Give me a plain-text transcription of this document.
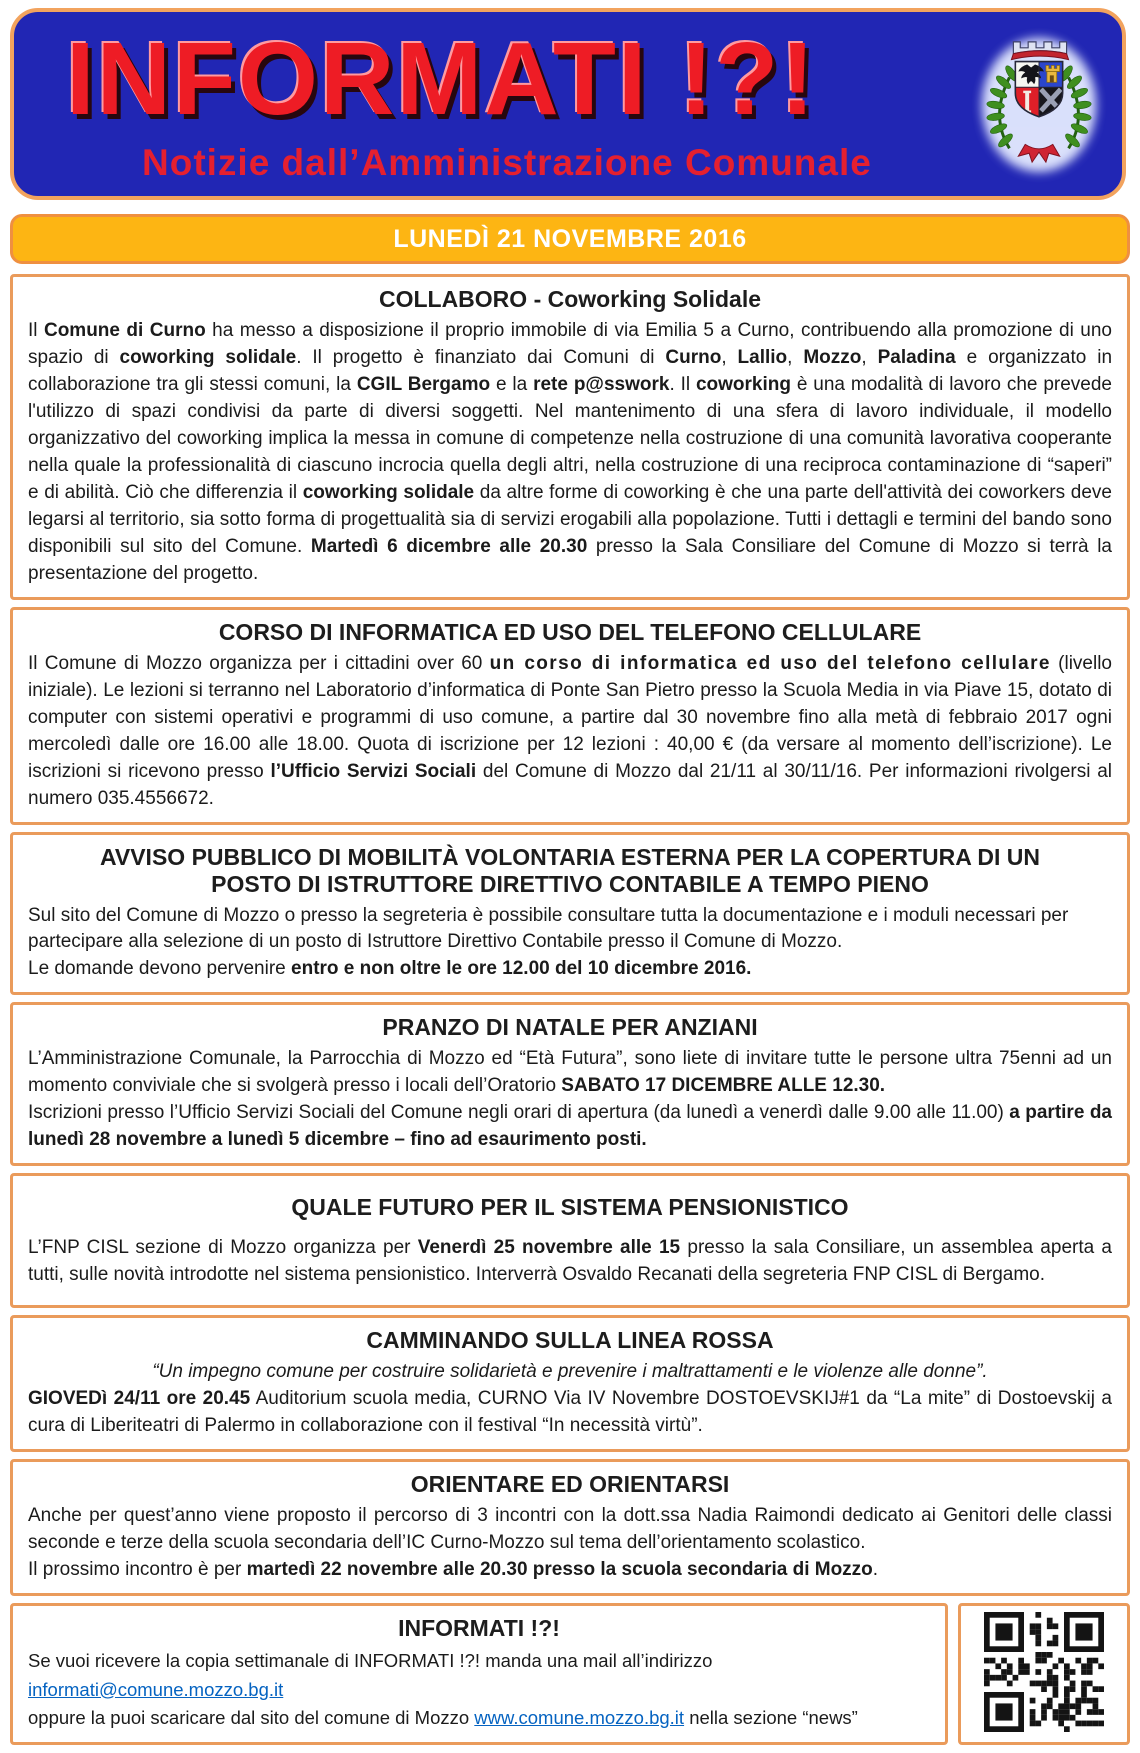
INFORMATI !?!
Notizie dall’Amministrazione Comunale
LUNEDÌ 21 NOVEMBRE 2016
COLLABORO - Coworking Solidale

Il Comune di Curno ha messo a disposizione il proprio immobile di via Emilia 5 a Curno, contribuendo alla promozione di uno spazio di coworking solidale. Il progetto è finanziato dai Comuni di Curno, Lallio, Mozzo, Paladina e organizzato in collaborazione tra gli stessi comuni, la CGIL Bergamo e la rete p@sswork. Il coworking è una modalità di lavoro che prevede l'utilizzo di spazi condivisi da parte di diversi soggetti. Nel mantenimento di una sfera di lavoro individuale, il modello organizzativo del coworking implica la messa in comune di competenze nella costruzione di una comunità lavorativa cooperante nella quale la professionalità di ciascuno incrocia quella degli altri, nella costruzione di una reciproca contaminazione di “saperi” e di abilità. Ciò che differenzia il coworking solidale da altre forme di coworking è che una parte dell'attività dei coworkers deve legarsi al territorio, sia sotto forma di progettualità sia di servizi erogabili alla popolazione. Tutti i dettagli e termini del bando sono disponibili sul sito del Comune. Martedì 6 dicembre alle 20.30 presso la Sala Consiliare del Comune di Mozzo si terrà la presentazione del progetto.

CORSO DI INFORMATICA ED USO DEL TELEFONO CELLULARE

Il Comune di Mozzo organizza per i cittadini over 60 un corso di informatica ed uso del telefono cellulare (livello iniziale). Le lezioni si terranno nel Laboratorio d’informatica di Ponte San Pietro presso la Scuola Media in via Piave 15, dotato di computer con sistemi operativi e programmi di uso comune, a partire dal 30 novembre fino alla metà di febbraio 2017 ogni mercoledì dalle ore 16.00 alle 18.00. Quota di iscrizione per 12 lezioni : 40,00 € (da versare al momento dell’iscrizione). Le iscrizioni si ricevono presso l’Ufficio Servizi Sociali del Comune di Mozzo dal 21/11 al 30/11/16. Per informazioni rivolgersi al numero 035.4556672.

AVVISO PUBBLICO DI MOBILITÀ VOLONTARIA ESTERNA PER LA COPERTURA DI UN POSTO DI ISTRUTTORE DIRETTIVO CONTABILE A TEMPO PIENO

Sul sito del Comune di Mozzo o presso la segreteria è possibile consultare tutta la documentazione e i moduli necessari per partecipare alla selezione di un posto di Istruttore Direttivo Contabile presso il Comune di Mozzo.

Le domande devono pervenire entro e non oltre le ore 12.00 del 10 dicembre 2016.

PRANZO DI NATALE PER ANZIANI

L’Amministrazione Comunale, la Parrocchia di Mozzo ed “Età Futura”, sono liete di invitare tutte le persone ultra 75enni ad un momento conviviale che si svolgerà presso i locali dell’Oratorio SABATO 17 DICEMBRE ALLE 12.30.

Iscrizioni presso l’Ufficio Servizi Sociali del Comune negli orari di apertura (da lunedì a venerdì dalle 9.00 alle 11.00) a partire da lunedì 28 novembre a lunedì 5 dicembre – fino ad esaurimento posti.

QUALE FUTURO PER IL SISTEMA PENSIONISTICO

L’FNP CISL sezione di Mozzo organizza per Venerdì 25 novembre alle 15 presso la sala Consiliare, un assemblea aperta a tutti, sulle novità introdotte nel sistema pensionistico. Interverrà Osvaldo Recanati della segreteria FNP CISL di Bergamo.

CAMMINANDO SULLA LINEA ROSSA

“Un impegno comune per costruire solidarietà e prevenire i maltrattamenti e le violenze alle donne”.

GIOVEDì 24/11 ore 20.45 Auditorium scuola media, CURNO Via IV Novembre DOSTOEVSKIJ#1 da “La mite” di Dostoevskij a cura di Liberiteatri di Palermo in collaborazione con il festival “In necessità virtù”.

ORIENTARE ED ORIENTARSI

Anche per quest’anno viene proposto il percorso di 3 incontri con la dott.ssa Nadia Raimondi dedicato ai Genitori delle classi seconde e terze della scuola secondaria dell’IC Curno-Mozzo sul tema dell’orientamento scolastico.

Il prossimo incontro è per martedì 22 novembre alle 20.30 presso la scuola secondaria di Mozzo.

INFORMATI !?!

Se vuoi ricevere la copia settimanale di INFORMATI !?! manda una mail all’indirizzo informati@comune.mozzo.bg.it

oppure la puoi scaricare dal sito del comune di Mozzo www.comune.mozzo.bg.it nella sezione “news”
